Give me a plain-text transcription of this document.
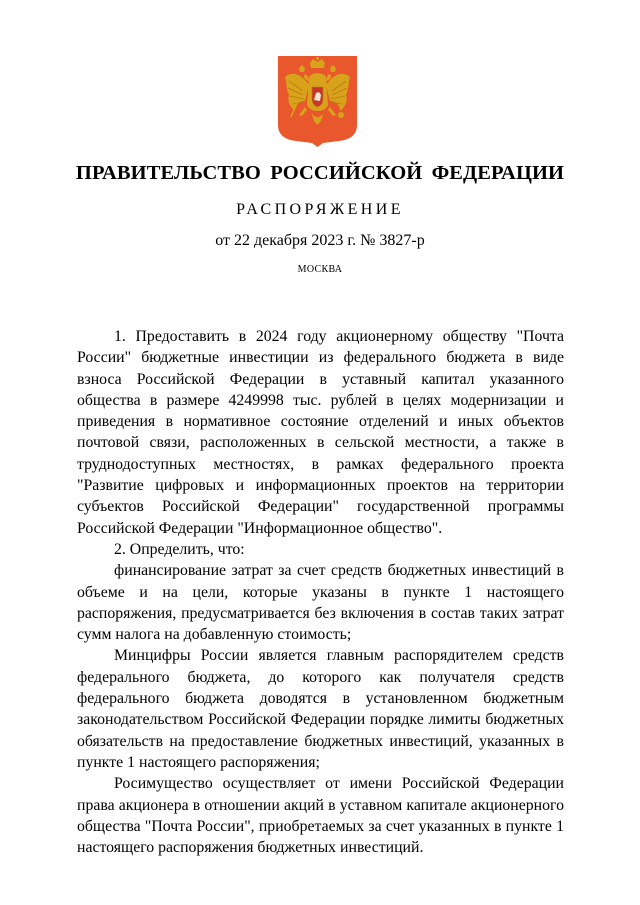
ПРАВИТЕЛЬСТВО РОССИЙСКОЙ ФЕДЕРАЦИИ
РАСПОРЯЖЕНИЕ
от 22 декабря 2023 г. № 3827-р
МОСКВА

1. Предоставить в 2024 году акционерному обществу "Почта России" бюджетные инвестиции из федерального бюджета в виде взноса Российской Федерации в уставный капитал указанного общества в размере 4249998 тыс. рублей в целях модернизации и приведения в нормативное состояние отделений и иных объектов почтовой связи, расположенных в сельской местности, а также в труднодоступных местностях, в рамках федерального проекта "Развитие цифровых и информационных проектов на территории субъектов Российской Федерации" государственной программы Российской Федерации "Информационное общество".

2. Определить, что:

финансирование затрат за счет средств бюджетных инвестиций в объеме и на цели, которые указаны в пункте 1 настоящего распоряжения, предусматривается без включения в состав таких затрат сумм налога на добавленную стоимость;

Минцифры России является главным распорядителем средств федерального бюджета, до которого как получателя средств федерального бюджета доводятся в установленном бюджетным законодательством Российской Федерации порядке лимиты бюджетных обязательств на предоставление бюджетных инвестиций, указанных в пункте 1 настоящего распоряжения;

Росимущество осуществляет от имени Российской Федерации права акционера в отношении акций в уставном капитале акционерного общества "Почта России", приобретаемых за счет указанных в пункте 1 настоящего распоряжения бюджетных инвестиций.
